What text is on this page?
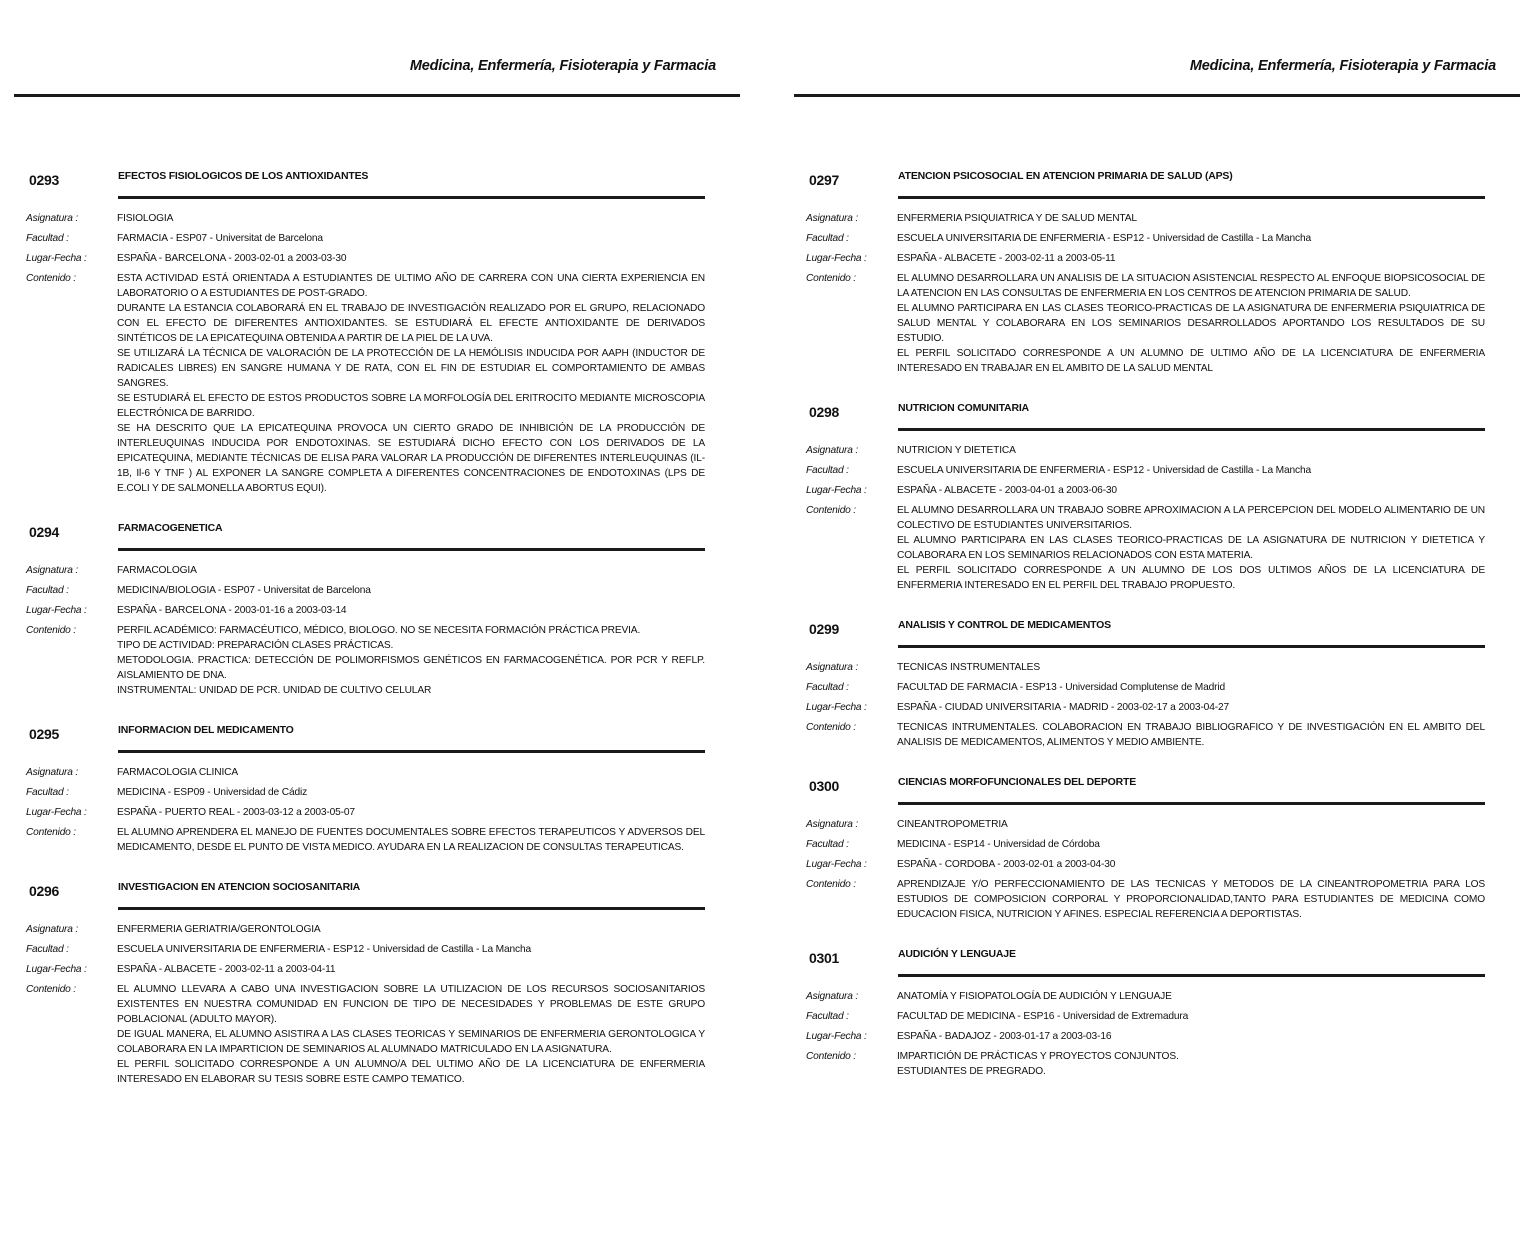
Medicina, Enfermería, Fisioterapia y Farmacia
0293	EFECTOS FISIOLOGICOS DE LOS ANTIOXIDANTES
Asignatura :	FISIOLOGIA
Facultad :	FARMACIA - ESP07 - Universitat de Barcelona
Lugar-Fecha :	ESPAÑA - BARCELONA - 2003-02-01 a 2003-03-30
Contenido :	ESTA ACTIVIDAD ESTÁ ORIENTADA A ESTUDIANTES DE ULTIMO AÑO DE CARRERA CON UNA CIERTA EXPERIENCIA EN LABORATORIO O A ESTUDIANTES DE POST-GRADO.

DURANTE LA ESTANCIA COLABORARÁ EN EL TRABAJO DE INVESTIGACIÓN REALIZADO POR EL GRUPO, RELACIONADO CON EL EFECTO DE DIFERENTES ANTIOXIDANTES. SE ESTUDIARÁ EL EFECTE ANTIOXIDANTE DE DERIVADOS SINTÉTICOS DE LA EPICATEQUINA OBTENIDA A PARTIR DE LA PIEL DE LA UVA.

SE UTILIZARÁ LA TÉCNICA DE VALORACIÓN DE LA PROTECCIÓN DE LA HEMÓLISIS INDUCIDA POR AAPH (INDUCTOR DE RADICALES LIBRES) EN SANGRE HUMANA Y DE RATA, CON EL FIN DE ESTUDIAR EL COMPORTAMIENTO DE AMBAS SANGRES.

SE ESTUDIARÁ EL EFECTO DE ESTOS PRODUCTOS SOBRE LA MORFOLOGÍA DEL ERITROCITO MEDIANTE MICROSCOPIA ELECTRÓNICA DE BARRIDO.

SE HA DESCRITO QUE LA EPICATEQUINA PROVOCA UN CIERTO GRADO DE INHIBICIÓN DE LA PRODUCCIÓN DE INTERLEUQUINAS INDUCIDA POR ENDOTOXINAS. SE ESTUDIARÁ DICHO EFECTO CON LOS DERIVADOS DE LA EPICATEQUINA, MEDIANTE TÉCNICAS DE ELISA PARA VALORAR LA PRODUCCIÓN DE DIFERENTES INTERLEUQUINAS (IL-1B, Il-6 Y TNF ) AL EXPONER LA SANGRE COMPLETA A DIFERENTES CONCENTRACIONES DE ENDOTOXINAS (LPS DE E.COLI Y DE SALMONELLA ABORTUS EQUI).

0294	FARMACOGENETICA
Asignatura :	FARMACOLOGIA
Facultad :	MEDICINA/BIOLOGIA - ESP07 - Universitat de Barcelona
Lugar-Fecha :	ESPAÑA - BARCELONA - 2003-01-16 a 2003-03-14
Contenido :	PERFIL ACADÉMICO: FARMACÉUTICO, MÉDICO, BIOLOGO. NO SE NECESITA FORMACIÓN PRÁCTICA PREVIA.

TIPO DE ACTIVIDAD: PREPARACIÓN CLASES PRÁCTICAS.

METODOLOGIA. PRACTICA: DETECCIÓN DE POLIMORFISMOS GENÉTICOS EN FARMACOGENÉTICA. POR PCR Y REFLP. AISLAMIENTO DE DNA.

INSTRUMENTAL: UNIDAD DE PCR. UNIDAD DE CULTIVO CELULAR

0295	INFORMACION DEL MEDICAMENTO
Asignatura :	FARMACOLOGIA CLINICA
Facultad :	MEDICINA - ESP09 - Universidad de Cádiz
Lugar-Fecha :	ESPAÑA - PUERTO REAL - 2003-03-12 a 2003-05-07
Contenido :	EL ALUMNO APRENDERA EL MANEJO DE FUENTES DOCUMENTALES SOBRE EFECTOS TERAPEUTICOS Y ADVERSOS DEL MEDICAMENTO, DESDE EL PUNTO DE VISTA MEDICO. AYUDARA EN LA REALIZACION DE CONSULTAS TERAPEUTICAS.

0296	INVESTIGACION EN ATENCION SOCIOSANITARIA
Asignatura :	ENFERMERIA GERIATRIA/GERONTOLOGIA
Facultad :	ESCUELA UNIVERSITARIA DE ENFERMERIA - ESP12 - Universidad de Castilla - La Mancha
Lugar-Fecha :	ESPAÑA - ALBACETE - 2003-02-11 a 2003-04-11
Contenido :	EL ALUMNO LLEVARA A CABO UNA INVESTIGACION SOBRE LA UTILIZACION DE LOS RECURSOS SOCIOSANITARIOS EXISTENTES EN NUESTRA COMUNIDAD EN FUNCION DE TIPO DE NECESIDADES Y PROBLEMAS DE ESTE GRUPO POBLACIONAL (ADULTO MAYOR).

DE IGUAL MANERA, EL ALUMNO ASISTIRA A LAS CLASES TEORICAS Y SEMINARIOS DE ENFERMERIA GERONTOLOGICA Y COLABORARA EN LA IMPARTICION DE SEMINARIOS AL ALUMNADO MATRICULADO EN LA ASIGNATURA.

EL PERFIL SOLICITADO CORRESPONDE A UN ALUMNO/A DEL ULTIMO AÑO DE LA LICENCIATURA DE ENFERMERIA INTERESADO EN ELABORAR SU TESIS SOBRE ESTE CAMPO TEMATICO.

Medicina, Enfermería, Fisioterapia y Farmacia
0297	ATENCION PSICOSOCIAL EN ATENCION PRIMARIA DE SALUD (APS)
Asignatura :	ENFERMERIA PSIQUIATRICA Y DE SALUD MENTAL
Facultad :	ESCUELA UNIVERSITARIA DE ENFERMERIA - ESP12 - Universidad de Castilla - La Mancha
Lugar-Fecha :	ESPAÑA - ALBACETE - 2003-02-11 a 2003-05-11
Contenido :	EL ALUMNO DESARROLLARA UN ANALISIS DE LA SITUACION ASISTENCIAL RESPECTO AL ENFOQUE BIOPSICOSOCIAL DE LA ATENCION EN LAS CONSULTAS DE ENFERMERIA EN LOS CENTROS DE ATENCION PRIMARIA DE SALUD.

EL ALUMNO PARTICIPARA EN LAS CLASES TEORICO-PRACTICAS DE LA ASIGNATURA DE ENFERMERIA PSIQUIATRICA DE SALUD MENTAL Y COLABORARA EN LOS SEMINARIOS DESARROLLADOS APORTANDO LOS RESULTADOS DE SU ESTUDIO.

EL PERFIL SOLICITADO CORRESPONDE A UN ALUMNO DE ULTIMO AÑO DE LA LICENCIATURA DE ENFERMERIA INTERESADO EN TRABAJAR EN EL AMBITO DE LA SALUD MENTAL

0298	NUTRICION COMUNITARIA
Asignatura :	NUTRICION Y DIETETICA
Facultad :	ESCUELA UNIVERSITARIA DE ENFERMERIA - ESP12 - Universidad de Castilla - La Mancha
Lugar-Fecha :	ESPAÑA - ALBACETE - 2003-04-01 a 2003-06-30
Contenido :	EL ALUMNO DESARROLLARA UN TRABAJO SOBRE APROXIMACION A LA PERCEPCION DEL MODELO ALIMENTARIO DE UN COLECTIVO DE ESTUDIANTES UNIVERSITARIOS.

EL ALUMNO PARTICIPARA EN LAS CLASES TEORICO-PRACTICAS DE LA ASIGNATURA DE NUTRICION Y DIETETICA Y COLABORARA EN LOS SEMINARIOS RELACIONADOS CON ESTA MATERIA.

EL PERFIL SOLICITADO CORRESPONDE A UN ALUMNO DE LOS DOS ULTIMOS AÑOS DE LA LICENCIATURA DE ENFERMERIA INTERESADO EN EL PERFIL DEL TRABAJO PROPUESTO.

0299	ANALISIS Y CONTROL DE MEDICAMENTOS
Asignatura :	TECNICAS INSTRUMENTALES
Facultad :	FACULTAD DE FARMACIA - ESP13 - Universidad Complutense de Madrid
Lugar-Fecha :	ESPAÑA - CIUDAD UNIVERSITARIA - MADRID - 2003-02-17 a 2003-04-27
Contenido :	TECNICAS INTRUMENTALES. COLABORACION EN TRABAJO BIBLIOGRAFICO Y DE INVESTIGACIÓN EN EL AMBITO DEL ANALISIS DE MEDICAMENTOS, ALIMENTOS Y MEDIO AMBIENTE.

0300	CIENCIAS MORFOFUNCIONALES DEL DEPORTE
Asignatura :	CINEANTROPOMETRIA
Facultad :	MEDICINA - ESP14 - Universidad de Córdoba
Lugar-Fecha :	ESPAÑA - CORDOBA - 2003-02-01 a 2003-04-30
Contenido :	APRENDIZAJE Y/O PERFECCIONAMIENTO DE LAS TECNICAS Y METODOS DE LA CINEANTROPOMETRIA PARA LOS ESTUDIOS DE COMPOSICION CORPORAL Y PROPORCIONALIDAD,TANTO PARA ESTUDIANTES DE MEDICINA COMO EDUCACION FISICA, NUTRICION Y AFINES. ESPECIAL REFERENCIA A DEPORTISTAS.

0301	AUDICIÓN Y LENGUAJE
Asignatura :	ANATOMÍA Y FISIOPATOLOGÍA DE AUDICIÓN Y LENGUAJE
Facultad :	FACULTAD DE MEDICINA - ESP16 - Universidad de Extremadura
Lugar-Fecha :	ESPAÑA - BADAJOZ - 2003-01-17 a 2003-03-16
Contenido :	IMPARTICIÓN DE PRÁCTICAS Y PROYECTOS CONJUNTOS.

ESTUDIANTES DE PREGRADO.
